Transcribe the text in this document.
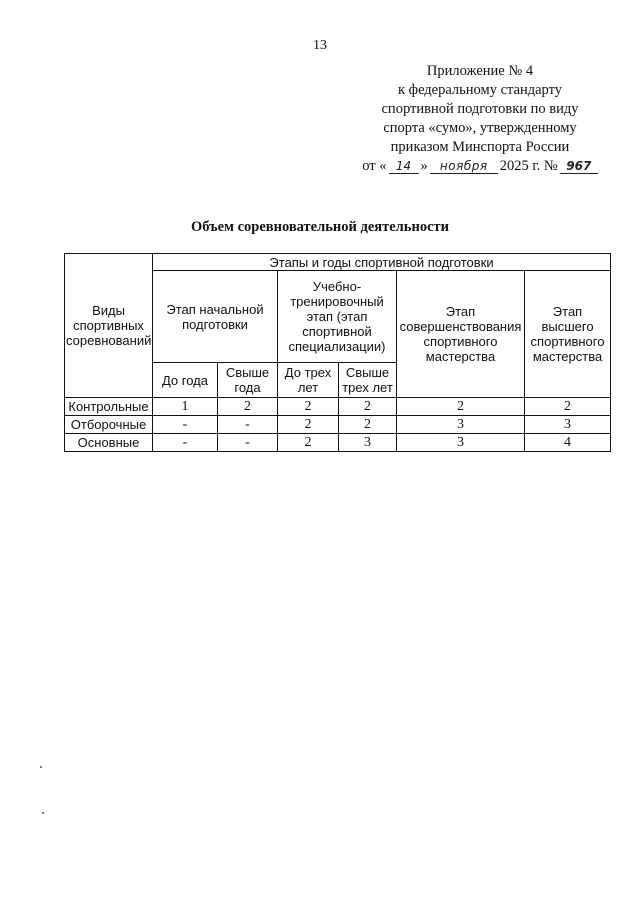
13
Приложение № 4
к федеральному стандарту
спортивной подготовки по виду
спорта «сумо», утвержденному
приказом Минспорта России
от « 14 »	ноября 2025 г. № 967
Объем соревновательной деятельности
Виды спортивных соревнований	Этапы и годы спортивной подготовки					
	Этап начальной подготовки		Учебно-тренировочный этап (этап спортивной специализации)		Этап совершенствования спортивного мастерства	Этап высшего спортивного мастерства
	До года	Свыше года	До трех лет	Свыше трех лет		
Контрольные	1	2	2	2	2	2
Отборочные	-	-	2	2	3	3
Основные	-	-	2	3	3	4
